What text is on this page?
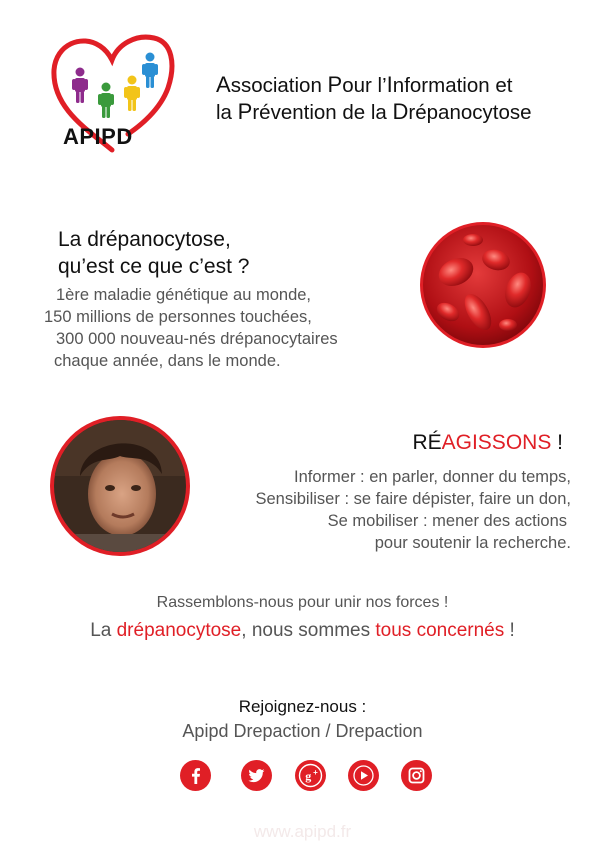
APIPD
Association Pour l’Information et
la Prévention de la Drépanocytose
La drépanocytose,
qu’est ce que c’est ?
1ère maladie génétique au monde,
150 millions de personnes touchées,
300 000 nouveau-nés drépanocytaires
chaque année, dans le monde.
RÉAGISSONS !
Informer : en parler, donner du temps,
Sensibiliser : se faire dépister, faire un don,
Se mobiliser : mener des actions
pour soutenir la recherche.
Rassemblons-nous pour unir nos forces !
La drépanocytose, nous sommes tous concernés !
Rejoignez-nous :
Apipd Drepaction / Drepaction
g +
www.apipd.fr
